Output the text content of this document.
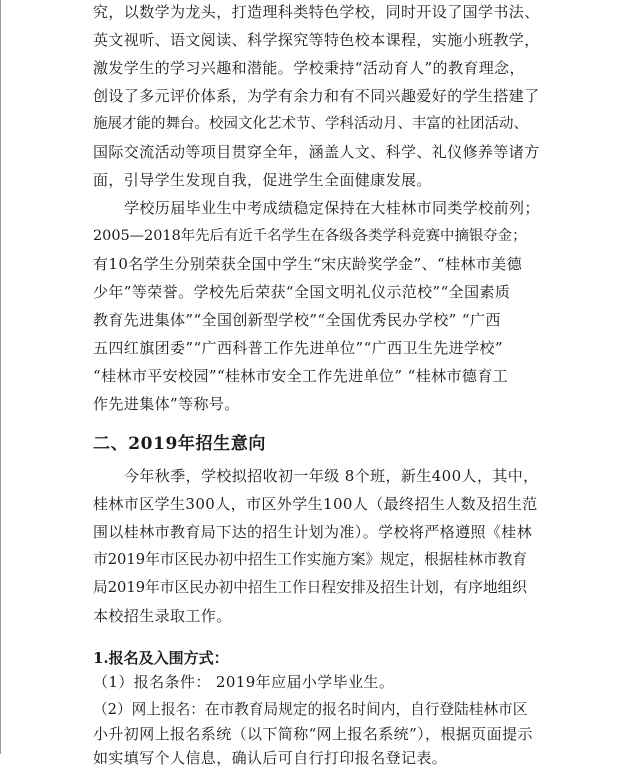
究，以数学为龙头，打造理科类特色学校，同时开设了国学书法、
英文视听、语文阅读、科学探究等特色校本课程，实施小班教学，
激发学生的学习兴趣和潜能。学校秉持“活动育人”的教育理念，
创设了多元评价体系，为学有余力和有不同兴趣爱好的学生搭建了
施展才能的舞台。校园文化艺术节、学科活动月、丰富的社团活动、
国际交流活动等项目贯穿全年，涵盖人文、科学、礼仪修养等诸方
面，引导学生发现自我，促进学生全面健康发展。
学校历届毕业生中考成绩稳定保持在大桂林市同类学校前列；
2005—2018年先后有近千名学生在各级各类学科竞赛中摘银夺金；
有10名学生分别荣获全国中学生“宋庆龄奖学金”、“桂林市美德
少年”等荣誉。学校先后荣获“全国文明礼仪示范校”“全国素质
教育先进集体”“全国创新型学校”“全国优秀民办学校” “广西
五四红旗团委”“广西科普工作先进单位”“广西卫生先进学校”
“桂林市平安校园”“桂林市安全工作先进单位” “桂林市德育工
作先进集体”等称号。
二、2019年招生意向
今年秋季，学校拟招收初一年级 8个班，新生400人，其中，
桂林市区学生300人，市区外学生100人（最终招生人数及招生范
围以桂林市教育局下达的招生计划为准）。学校将严格遵照《桂林
市2019年市区民办初中招生工作实施方案》规定，根据桂林市教育
局2019年市区民办初中招生工作日程安排及招生计划，有序地组织
本校招生录取工作。
1.报名及入围方式：
（1）报名条件： 2019年应届小学毕业生。
（2）网上报名：在市教育局规定的报名时间内，自行登陆桂林市区
小升初网上报名系统（以下简称“网上报名系统”），根据页面提示
如实填写个人信息，确认后可自行打印报名登记表。
